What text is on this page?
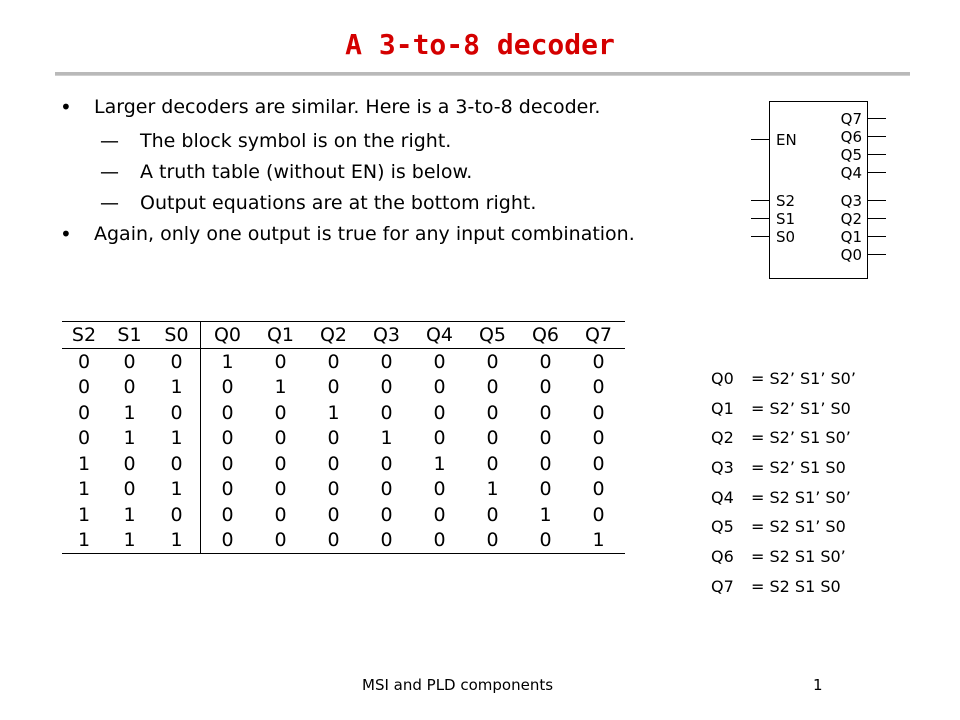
A 3-to-8 decoder
• Larger decoders are similar. Here is a 3-to-8 decoder.
— The block symbol is on the right.
— A truth table (without EN) is below.
— Output equations are at the bottom right.
• Again, only one output is true for any input combination.
EN
S2
S1
S0
Q7
Q6
Q5
Q4
Q3
Q2
Q1
Q0
S2	S1	S0	Q0	Q1	Q2	Q3	Q4	Q5	Q6	Q7
0	0	0	1	0	0	0	0	0	0	0
0	0	1	0	1	0	0	0	0	0	0
0	1	0	0	0	1	0	0	0	0	0
0	1	1	0	0	0	1	0	0	0	0
1	0	0	0	0	0	0	1	0	0	0
1	0	1	0	0	0	0	0	1	0	0
1	1	0	0	0	0	0	0	0	1	0
1	1	1	0	0	0	0	0	0	0	1
Q0 = S2’ S1’ S0’
Q1 = S2’ S1’ S0
Q2 = S2’ S1 S0’
Q3 = S2’ S1 S0
Q4 = S2 S1’ S0’
Q5 = S2 S1’ S0
Q6 = S2 S1 S0’
Q7 = S2 S1 S0
MSI and PLD components	1
